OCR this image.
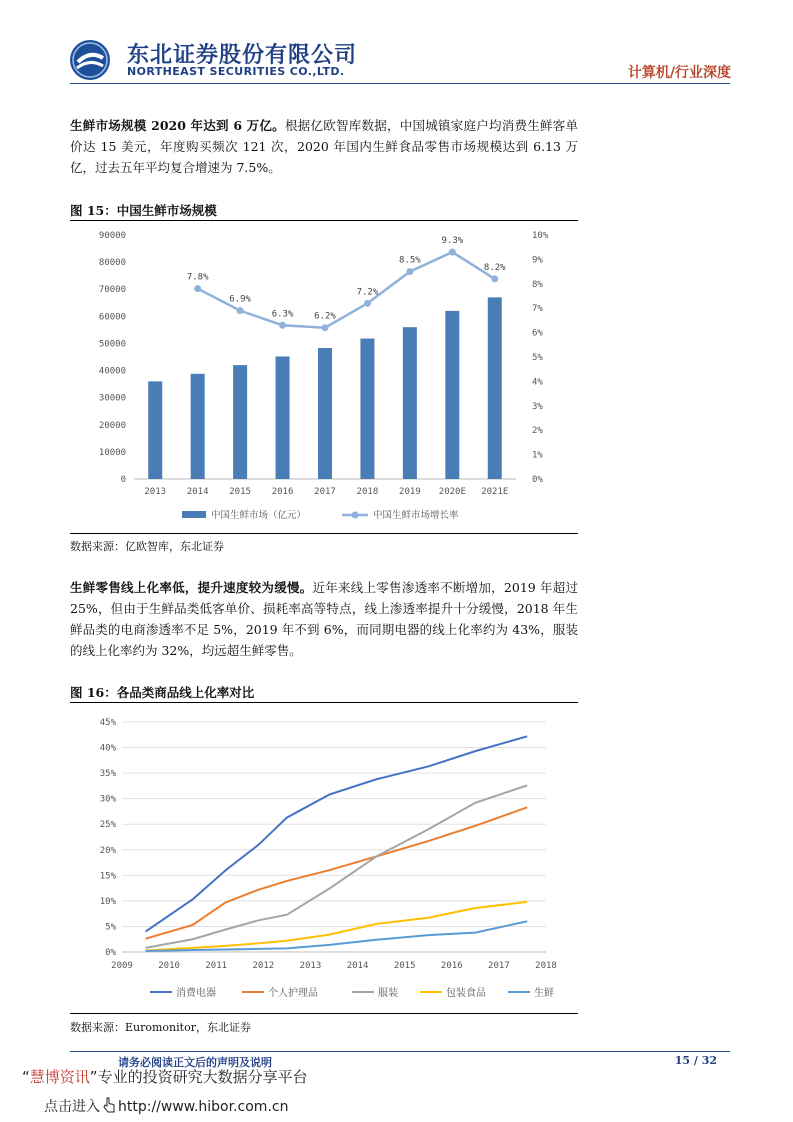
东北证券股份有限公司
NORTHEAST SECURITIES CO.,LTD.	计算机/行业深度
生鲜市场规模 2020 年达到 6 万亿。根据亿欧智库数据，中国城镇家庭户均消费生鲜客单价达 15 美元，年度购买频次 121 次，2020 年国内生鲜食品零售市场规模达到 6.13 万亿，过去五年平均复合增速为 7.5%。
图 15：中国生鲜市场规模
0
10000
20000
30000
40000
50000
60000
70000
80000
90000
0%
1%
2%
3%
4%
5%
6%
7%
8%
9%
10%
2013 2014 2015 2016 2017 2018 2019 2020E 2021E
7.8%
6.9%
6.3% 6.2%
7.2%
8.5%
9.3%
8.2%
中国生鲜市场（亿元）	中国生鲜市场增长率
数据来源：亿欧智库，东北证券
生鲜零售线上化率低，提升速度较为缓慢。近年来线上零售渗透率不断增加，2019 年超过 25%，但由于生鲜品类低客单价、损耗率高等特点，线上渗透率提升十分缓慢，2018 年生鲜品类的电商渗透率不足 5%，2019 年不到 6%，而同期电器的线上化率约为 43%，服装的线上化率约为 32%，均远超生鲜零售。
图 16：各品类商品线上化率对比
0%
5%
10%
15%
20%
25%
30%
35%
40%
45%
2009	2010	2011	2012	2013	2014	2015	2016	2017	2018
消费电器	个人护理品	服装	包装食品	生鲜
数据来源：Euromonitor，东北证券
请务必阅读正文后的声明及说明	15 / 32
“慧博资讯”专业的投资研究大数据分享平台
点击进入 http://www.hibor.com.cn
